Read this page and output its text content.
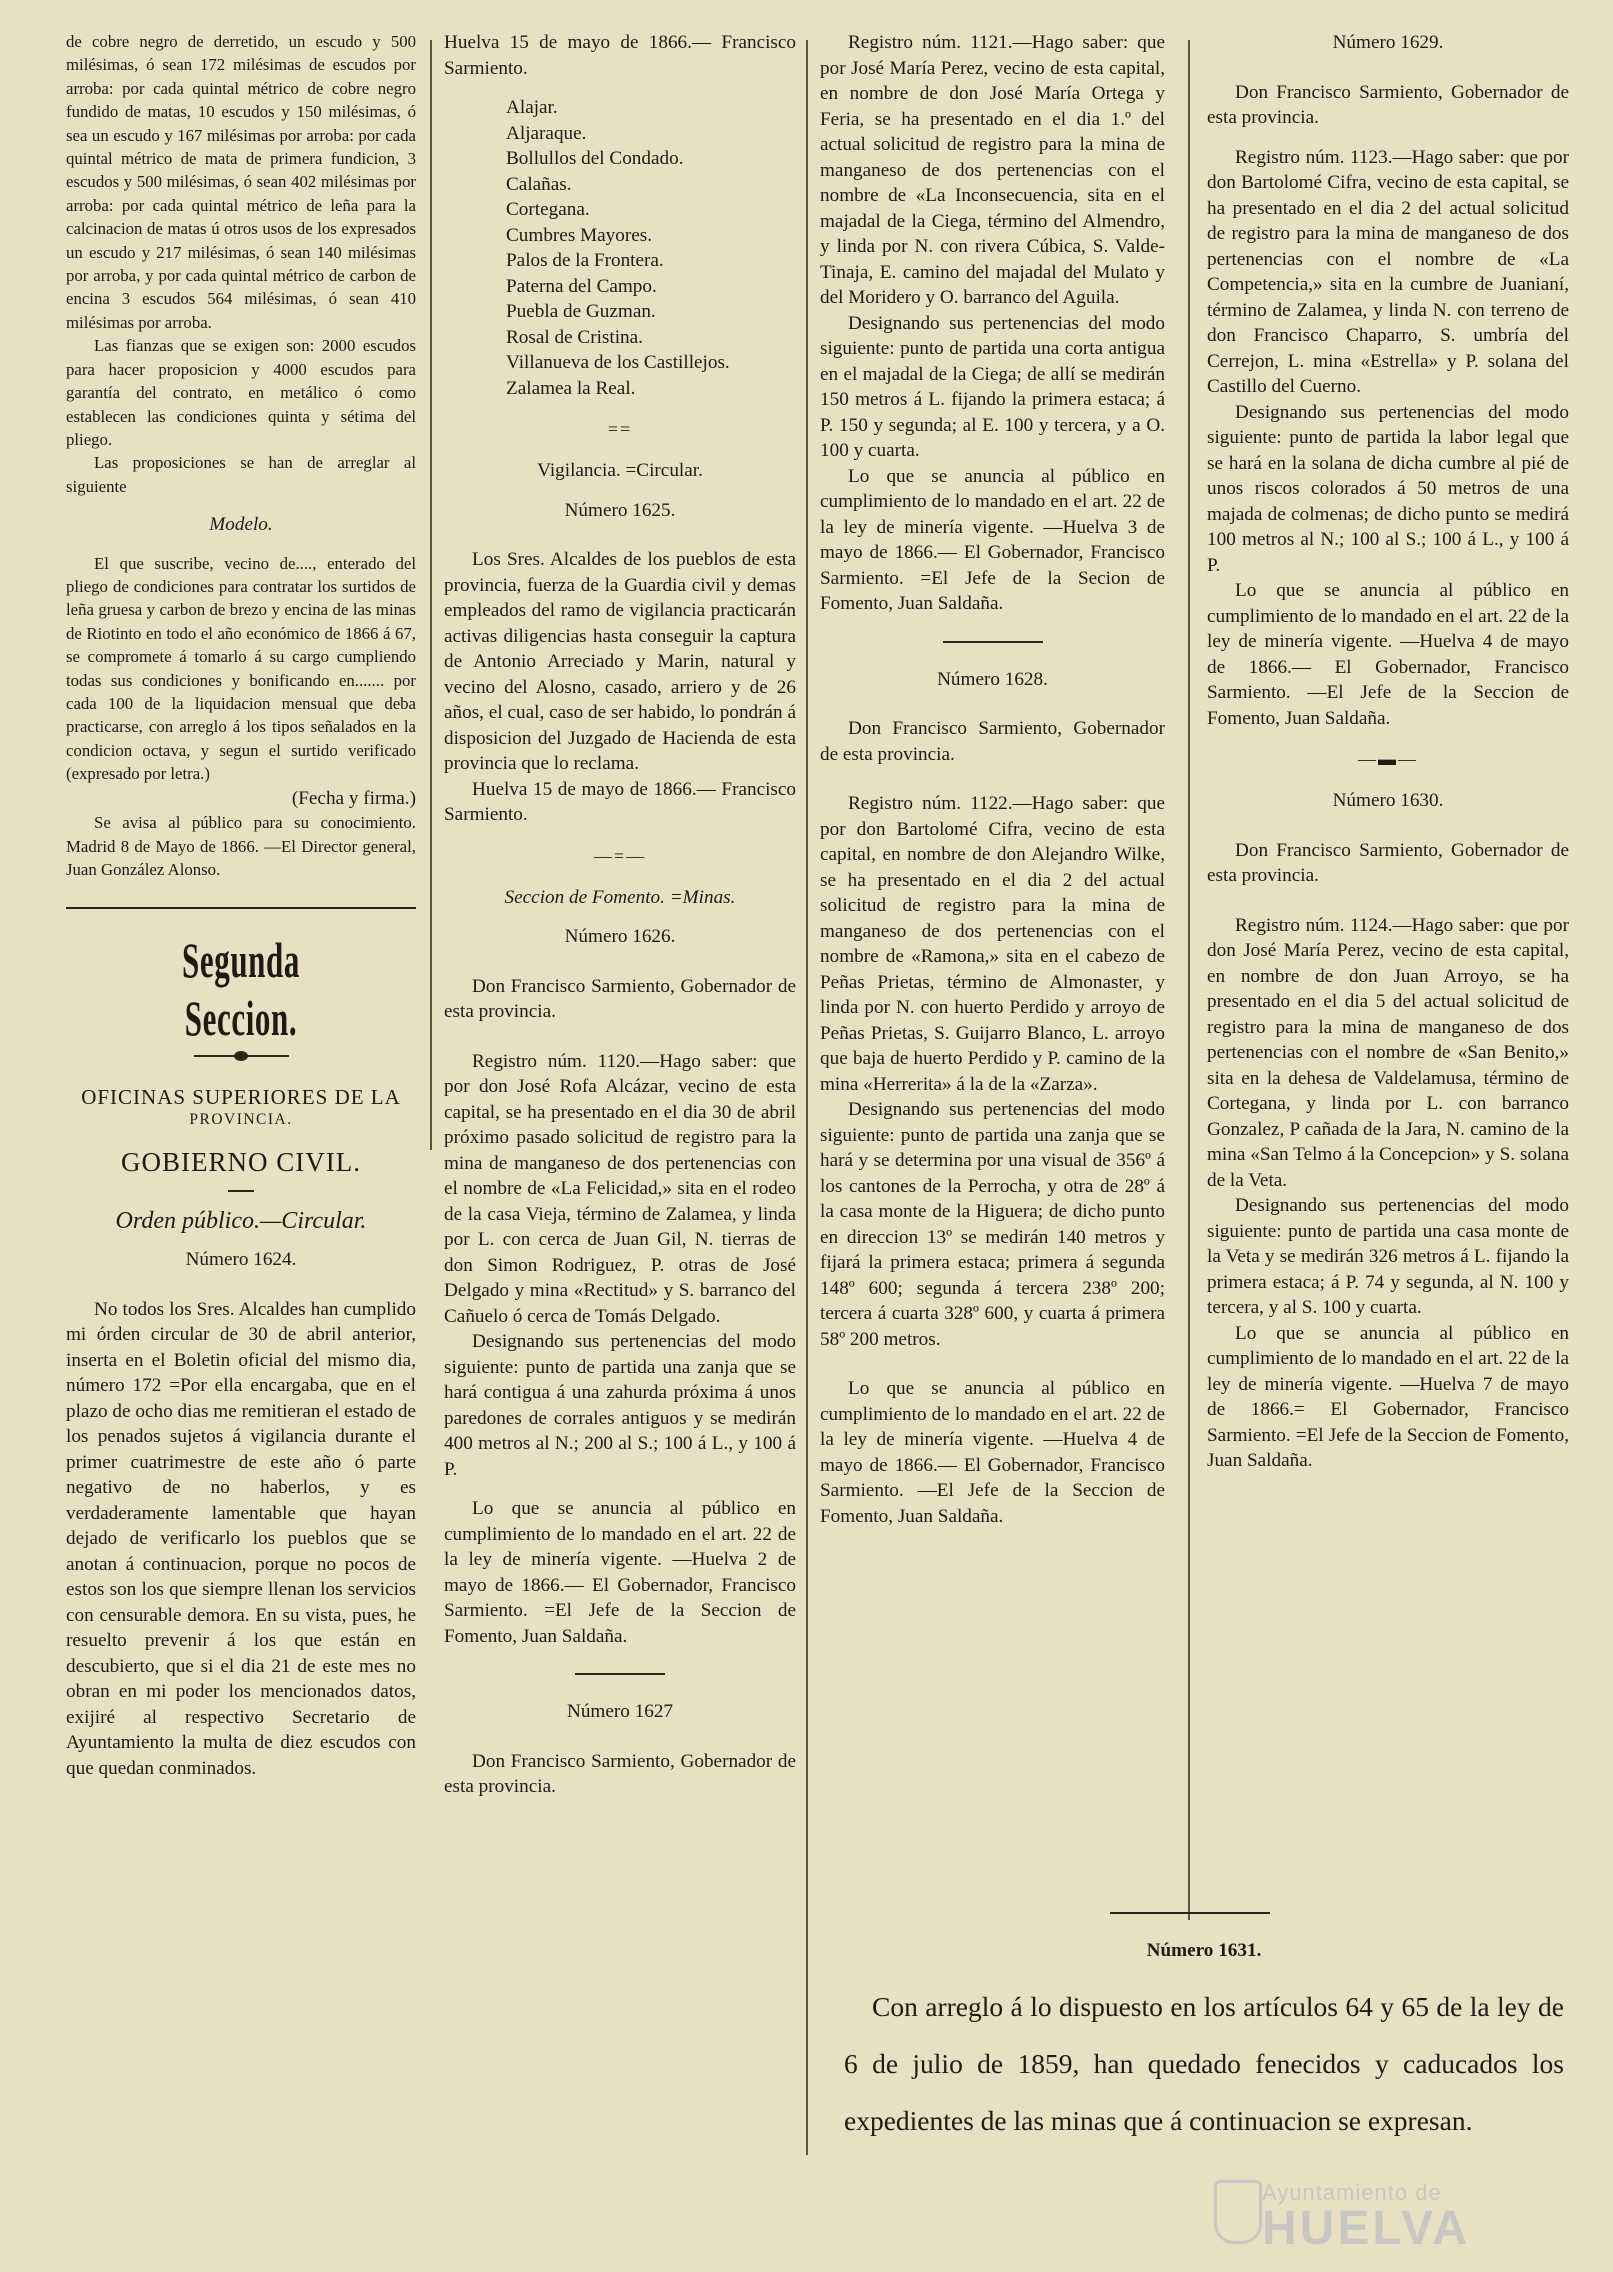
de cobre negro de derretido, un escudo y 500 milésimas, ó sean 172 milésimas de escudos por arroba: por cada quintal métrico de cobre negro fundido de matas, 10 escudos y 150 milésimas, ó sea un escudo y 167 milésimas por arroba: por cada quintal métrico de mata de primera fundicion, 3 escudos y 500 milésimas, ó sean 402 milésimas por arroba: por cada quintal métrico de leña para la calcinacion de matas ú otros usos de los expresados un escudo y 217 milésimas, ó sean 140 milésimas por arroba, y por cada quintal métrico de carbon de encina 3 escudos 564 milésimas, ó sean 410 milésimas por arroba.

Las fianzas que se exigen son: 2000 escudos para hacer proposicion y 4000 escudos para garantía del contrato, en metálico ó como establecen las condiciones quinta y sétima del pliego.

Las proposiciones se han de arreglar al siguiente

Modelo.

El que suscribe, vecino de...., enterado del pliego de condiciones para contratar los surtidos de leña gruesa y carbon de brezo y encina de las minas de Riotinto en todo el año económico de 1866 á 67, se compromete á tomarlo á su cargo cumpliendo todas sus condiciones y bonificando en....... por cada 100 de la liquidacion mensual que deba practicarse, con arreglo á los tipos señalados en la condicion octava, y segun el surtido verificado (expresado por letra.)

(Fecha y firma.)

Se avisa al público para su conocimiento. Madrid 8 de Mayo de 1866. —El Director general, Juan González Alonso.

Segunda Seccion.
OFICINAS SUPERIORES DE LA
PROVINCIA.
GOBIERNO CIVIL.
Orden público.—Circular.

Número 1624.

No todos los Sres. Alcaldes han cumplido mi órden circular de 30 de abril anterior, inserta en el Boletin oficial del mismo dia, número 172 =Por ella encargaba, que en el plazo de ocho dias me remitieran el estado de los penados sujetos á vigilancia durante el primer cuatrimestre de este año ó parte negativo de no haberlos, y es verdaderamente lamentable que hayan dejado de verificarlo los pueblos que se anotan á continuacion, porque no pocos de estos son los que siempre llenan los servicios con censurable demora. En su vista, pues, he resuelto prevenir á los que están en descubierto, que si el dia 21 de este mes no obran en mi poder los mencionados datos, exijiré al respectivo Secretario de Ayuntamiento la multa de diez escudos con que quedan conminados.

Huelva 15 de mayo de 1866.— Francisco Sarmiento.

Alajar.
Aljaraque.
Bollullos del Condado.
Calañas.
Cortegana.
Cumbres Mayores.
Palos de la Frontera.
Paterna del Campo.
Puebla de Guzman.
Rosal de Cristina.
Villanueva de los Castillejos.
Zalamea la Real.
==

Vigilancia. =Circular.

Número 1625.

Los Sres. Alcaldes de los pueblos de esta provincia, fuerza de la Guardia civil y demas empleados del ramo de vigilancia practicarán activas diligencias hasta conseguir la captura de Antonio Arreciado y Marin, natural y vecino del Alosno, casado, arriero y de 26 años, el cual, caso de ser habido, lo pondrán á disposicion del Juzgado de Hacienda de esta provincia que lo reclama.

Huelva 15 de mayo de 1866.— Francisco Sarmiento.

—=—

Seccion de Fomento. =Minas.

Número 1626.

Don Francisco Sarmiento, Gobernador de esta provincia.

Registro núm. 1120.—Hago saber: que por don José Rofa Alcázar, vecino de esta capital, se ha presentado en el dia 30 de abril próximo pasado solicitud de registro para la mina de manganeso de dos pertenencias con el nombre de «La Felicidad,» sita en el rodeo de la casa Vieja, término de Zalamea, y linda por L. con cerca de Juan Gil, N. tierras de don Simon Rodriguez, P. otras de José Delgado y mina «Rectitud» y S. barranco del Cañuelo ó cerca de Tomás Delgado.

Designando sus pertenencias del modo siguiente: punto de partida una zanja que se hará contigua á una zahurda próxima á unos paredones de corrales antiguos y se medirán 400 metros al N.; 200 al S.; 100 á L., y 100 á P.

Lo que se anuncia al público en cumplimiento de lo mandado en el art. 22 de la ley de minería vigente. —Huelva 2 de mayo de 1866.— El Gobernador, Francisco Sarmiento. =El Jefe de la Seccion de Fomento, Juan Saldaña.

Número 1627

Don Francisco Sarmiento, Gobernador de esta provincia.

Registro núm. 1121.—Hago saber: que por José María Perez, vecino de esta capital, en nombre de don José María Ortega y Feria, se ha presentado en el dia 1.º del actual solicitud de registro para la mina de manganeso de dos pertenencias con el nombre de «La Inconsecuencia, sita en el majadal de la Ciega, término del Almendro, y linda por N. con rivera Cúbica, S. Valde-Tinaja, E. camino del majadal del Mulato y del Moridero y O. barranco del Aguila.

Designando sus pertenencias del modo siguiente: punto de partida una corta antigua en el majadal de la Ciega; de allí se medirán 150 metros á L. fijando la primera estaca; á P. 150 y segunda; al E. 100 y tercera, y a O. 100 y cuarta.

Lo que se anuncia al público en cumplimiento de lo mandado en el art. 22 de la ley de minería vigente. —Huelva 3 de mayo de 1866.— El Gobernador, Francisco Sarmiento. =El Jefe de la Secion de Fomento, Juan Saldaña.

Número 1628.

Don Francisco Sarmiento, Gobernador de esta provincia.

Registro núm. 1122.—Hago saber: que por don Bartolomé Cifra, vecino de esta capital, en nombre de don Alejandro Wilke, se ha presentado en el dia 2 del actual solicitud de registro para la mina de manganeso de dos pertenencias con el nombre de «Ramona,» sita en el cabezo de Peñas Prietas, término de Almonaster, y linda por N. con huerto Perdido y arroyo de Peñas Prietas, S. Guijarro Blanco, L. arroyo que baja de huerto Perdido y P. camino de la mina «Herrerita» á la de la «Zarza».

Designando sus pertenencias del modo siguiente: punto de partida una zanja que se hará y se determina por una visual de 356º á los cantones de la Perrocha, y otra de 28º á la casa monte de la Higuera; de dicho punto en direccion 13º se medirán 140 metros y fijará la primera estaca; primera á segunda 148º 600; segunda á tercera 238º 200; tercera á cuarta 328º 600, y cuarta á primera 58º 200 metros.

Lo que se anuncia al público en cumplimiento de lo mandado en el art. 22 de la ley de minería vigente. —Huelva 4 de mayo de 1866.— El Gobernador, Francisco Sarmiento. —El Jefe de la Seccion de Fomento, Juan Saldaña.

Número 1629.

Don Francisco Sarmiento, Gobernador de esta provincia.

Registro núm. 1123.—Hago saber: que por don Bartolomé Cifra, vecino de esta capital, se ha presentado en el dia 2 del actual solicitud de registro para la mina de manganeso de dos pertenencias con el nombre de «La Competencia,» sita en la cumbre de Juanianí, término de Zalamea, y linda N. con terreno de don Francisco Chaparro, S. umbría del Cerrejon, L. mina «Estrella» y P. solana del Castillo del Cuerno.

Designando sus pertenencias del modo siguiente: punto de partida la labor legal que se hará en la solana de dicha cumbre al pié de unos riscos colorados á 50 metros de una majada de colmenas; de dicho punto se medirá 100 metros al N.; 100 al S.; 100 á L., y 100 á P.

Lo que se anuncia al público en cumplimiento de lo mandado en el art. 22 de la ley de minería vigente. —Huelva 4 de mayo de 1866.— El Gobernador, Francisco Sarmiento. —El Jefe de la Seccion de Fomento, Juan Saldaña.

—▬—

Número 1630.

Don Francisco Sarmiento, Gobernador de esta provincia.

Registro núm. 1124.—Hago saber: que por don José María Perez, vecino de esta capital, en nombre de don Juan Arroyo, se ha presentado en el dia 5 del actual solicitud de registro para la mina de manganeso de dos pertenencias con el nombre de «San Benito,» sita en la dehesa de Valdelamusa, término de Cortegana, y linda por L. con barranco Gonzalez, P cañada de la Jara, N. camino de la mina «San Telmo á la Concepcion» y S. solana de la Veta.

Designando sus pertenencias del modo siguiente: punto de partida una casa monte de la Veta y se medirán 326 metros á L. fijando la primera estaca; á P. 74 y segunda, al N. 100 y tercera, y al S. 100 y cuarta.

Lo que se anuncia al público en cumplimiento de lo mandado en el art. 22 de la ley de minería vigente. —Huelva 7 de mayo de 1866.= El Gobernador, Francisco Sarmiento. =El Jefe de la Seccion de Fomento, Juan Saldaña.

Número 1631.

Con arreglo á lo dispuesto en los artículos 64 y 65 de la ley de 6 de julio de 1859, han quedado fenecidos y caducados los expedientes de las minas que á continuacion se expresan.

Ayuntamiento de
HUELVA
